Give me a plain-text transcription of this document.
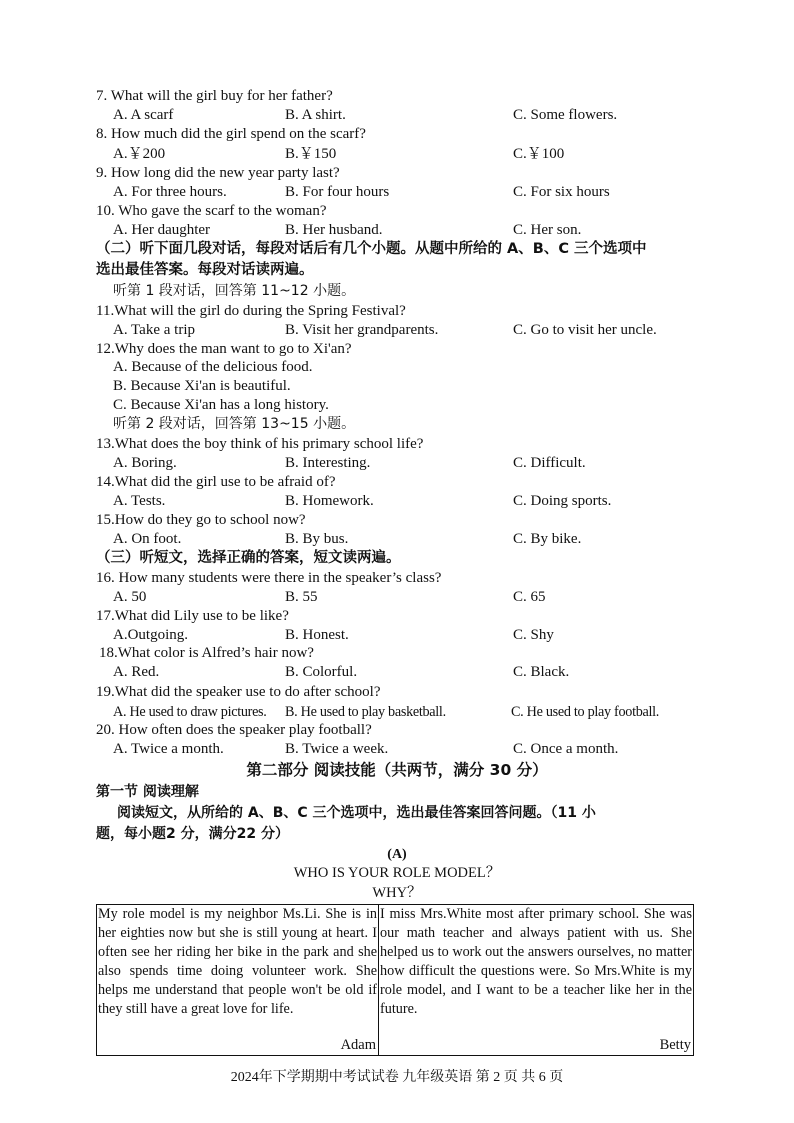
7. What will the girl buy for her father?
A. A scarf	B. A shirt.	C. Some flowers.
8. How much did the girl spend on the scarf?
A.￥200	B.￥150	C.￥100
9. How long did the new year party last?
A. For three hours.	B. For four hours	C. For six hours
10. Who gave the scarf to the woman?
A. Her daughter	B. Her husband.	C. Her son.
（二）听下面几段对话，每段对话后有几个小题。从题中所给的 A、B、C 三个选项中
选出最佳答案。每段对话读两遍。
听第 1 段对话，回答第 11~12 小题。
11.What will the girl do during the Spring Festival?
A. Take a trip	B. Visit her grandparents.	C. Go to visit her uncle.
12.Why does the man want to go to Xi'an?
A. Because of the delicious food.
B. Because Xi'an is beautiful.
C. Because Xi'an has a long history.
听第 2 段对话，回答第 13~15 小题。
13.What does the boy think of his primary school life?
A. Boring.	B. Interesting.	C. Difficult.
14.What did the girl use to be afraid of?
A. Tests.	B. Homework.	C. Doing sports.
15.How do they go to school now?
A. On foot.	B. By bus.	C. By bike.
（三）听短文，选择正确的答案，短文读两遍。
16. How many students were there in the speaker’s class?
A. 50	B. 55	C. 65
17.What did Lily use to be like?
A.Outgoing.	B. Honest.	C. Shy
18.What color is Alfred’s hair now?
A. Red.	B. Colorful.	C. Black.
19.What did the speaker use to do after school?
A. He used to draw pictures. B. He used to play basketball.	C. He used to play football.
20. How often does the speaker play football?
A. Twice a month.	B. Twice a week.	C. Once a month.
第二部分 阅读技能（共两节，满分 30 分）
第一节 阅读理解
阅读短文，从所给的 A、B、C 三个选项中，选出最佳答案回答问题。（11 小
题，每小题2 分，满分22 分）
(A)
WHO IS YOUR ROLE MODEL？
WHY？
My role model is my neighbor Ms.Li. She is in her eighties now but she is still young at heart. I often see her riding her bike in the park and she also spends time doing volunteer work. She helps me understand that people won't be old if they still have a great love for life.
Adam
I miss Mrs.White most after primary school. She was our math teacher and always patient with us. She helped us to work out the answers ourselves, no matter how difficult the questions were. So Mrs.White is my role model, and I want to be a teacher like her in the future.
Betty
2024年下学期期中考试试卷 九年级英语 第 2 页 共 6 页
